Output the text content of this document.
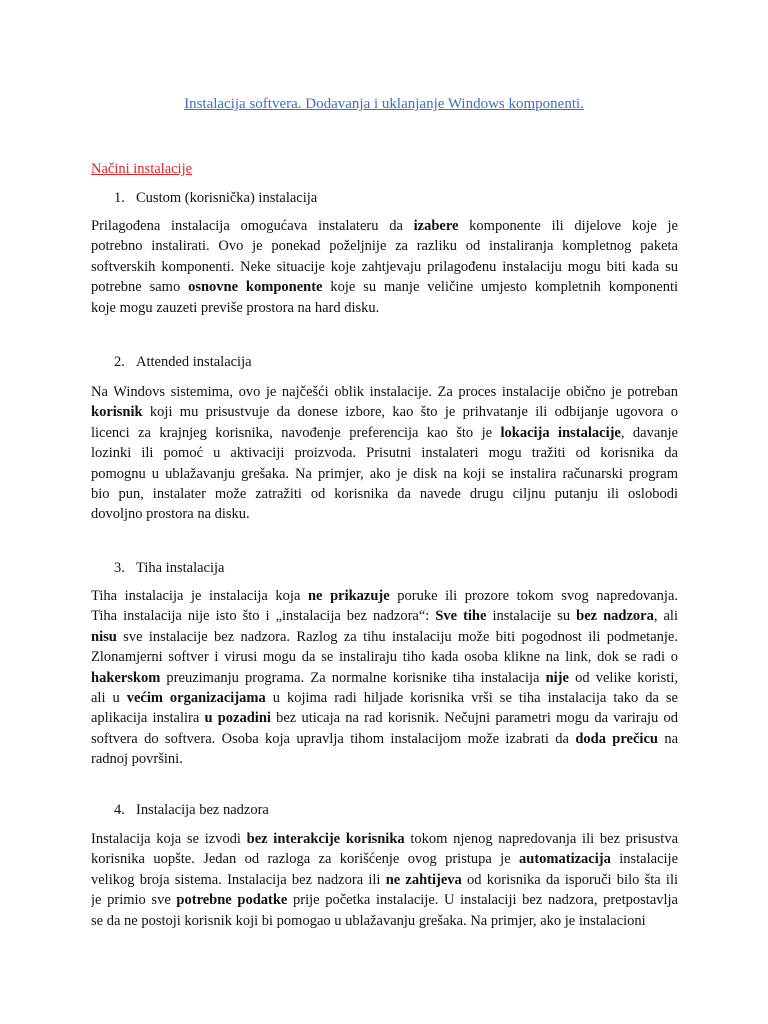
Instalacija softvera. Dodavanja i uklanjanje Windows komponenti.
Načini instalacije
1. Custom (korisnička) instalacija
Prilagođena instalacija omogućava instalateru da izabere komponente ili dijelove koje je
potrebno instalirati. Ovo je ponekad poželjnije za razliku od instaliranja kompletnog paketa
softverskih komponenti. Neke situacije koje zahtjevaju prilagođenu instalaciju mogu biti kada su
potrebne samo osnovne komponente koje su manje veličine umjesto kompletnih komponenti
koje mogu zauzeti previše prostora na hard disku.
2. Attended instalacija
Na Windovs sistemima, ovo je najčešći oblik instalacije. Za proces instalacije obično je potreban
korisnik koji mu prisustvuje da donese izbore, kao što je prihvatanje ili odbijanje ugovora o
licenci za krajnjeg korisnika, navođenje preferencija kao što je lokacija instalacije, davanje
lozinki ili pomoć u aktivaciji proizvoda. Prisutni instalateri mogu tražiti od korisnika da
pomognu u ublažavanju grešaka. Na primjer, ako je disk na koji se instalira računarski program
bio pun, instalater može zatražiti od korisnika da navede drugu ciljnu putanju ili oslobodi
dovoljno prostora na disku.
3. Tiha instalacija
Tiha instalacija je instalacija koja ne prikazuje poruke ili prozore tokom svog napredovanja.
Tiha instalacija nije isto što i „instalacija bez nadzora“: Sve tihe instalacije su bez nadzora, ali
nisu sve instalacije bez nadzora. Razlog za tihu instalaciju može biti pogodnost ili podmetanje.
Zlonamjerni softver i virusi mogu da se instaliraju tiho kada osoba klikne na link, dok se radi o
hakerskom preuzimanju programa. Za normalne korisnike tiha instalacija nije od velike koristi,
ali u većim organizacijama u kojima radi hiljade korisnika vrši se tiha instalacija tako da se
aplikacija instalira u pozadini bez uticaja na rad korisnik. Nečujni parametri mogu da variraju od
softvera do softvera. Osoba koja upravlja tihom instalacijom može izabrati da doda prečicu na
radnoj površini.
4. Instalacija bez nadzora
Instalacija koja se izvodi bez interakcije korisnika tokom njenog napredovanja ili bez prisustva
korisnika uopšte. Jedan od razloga za korišćenje ovog pristupa je automatizacija instalacije
velikog broja sistema. Instalacija bez nadzora ili ne zahtijeva od korisnika da isporuči bilo šta ili
je primio sve potrebne podatke prije početka instalacije. U instalaciji bez nadzora, pretpostavlja
se da ne postoji korisnik koji bi pomogao u ublažavanju grešaka. Na primjer, ako je instalacioni
